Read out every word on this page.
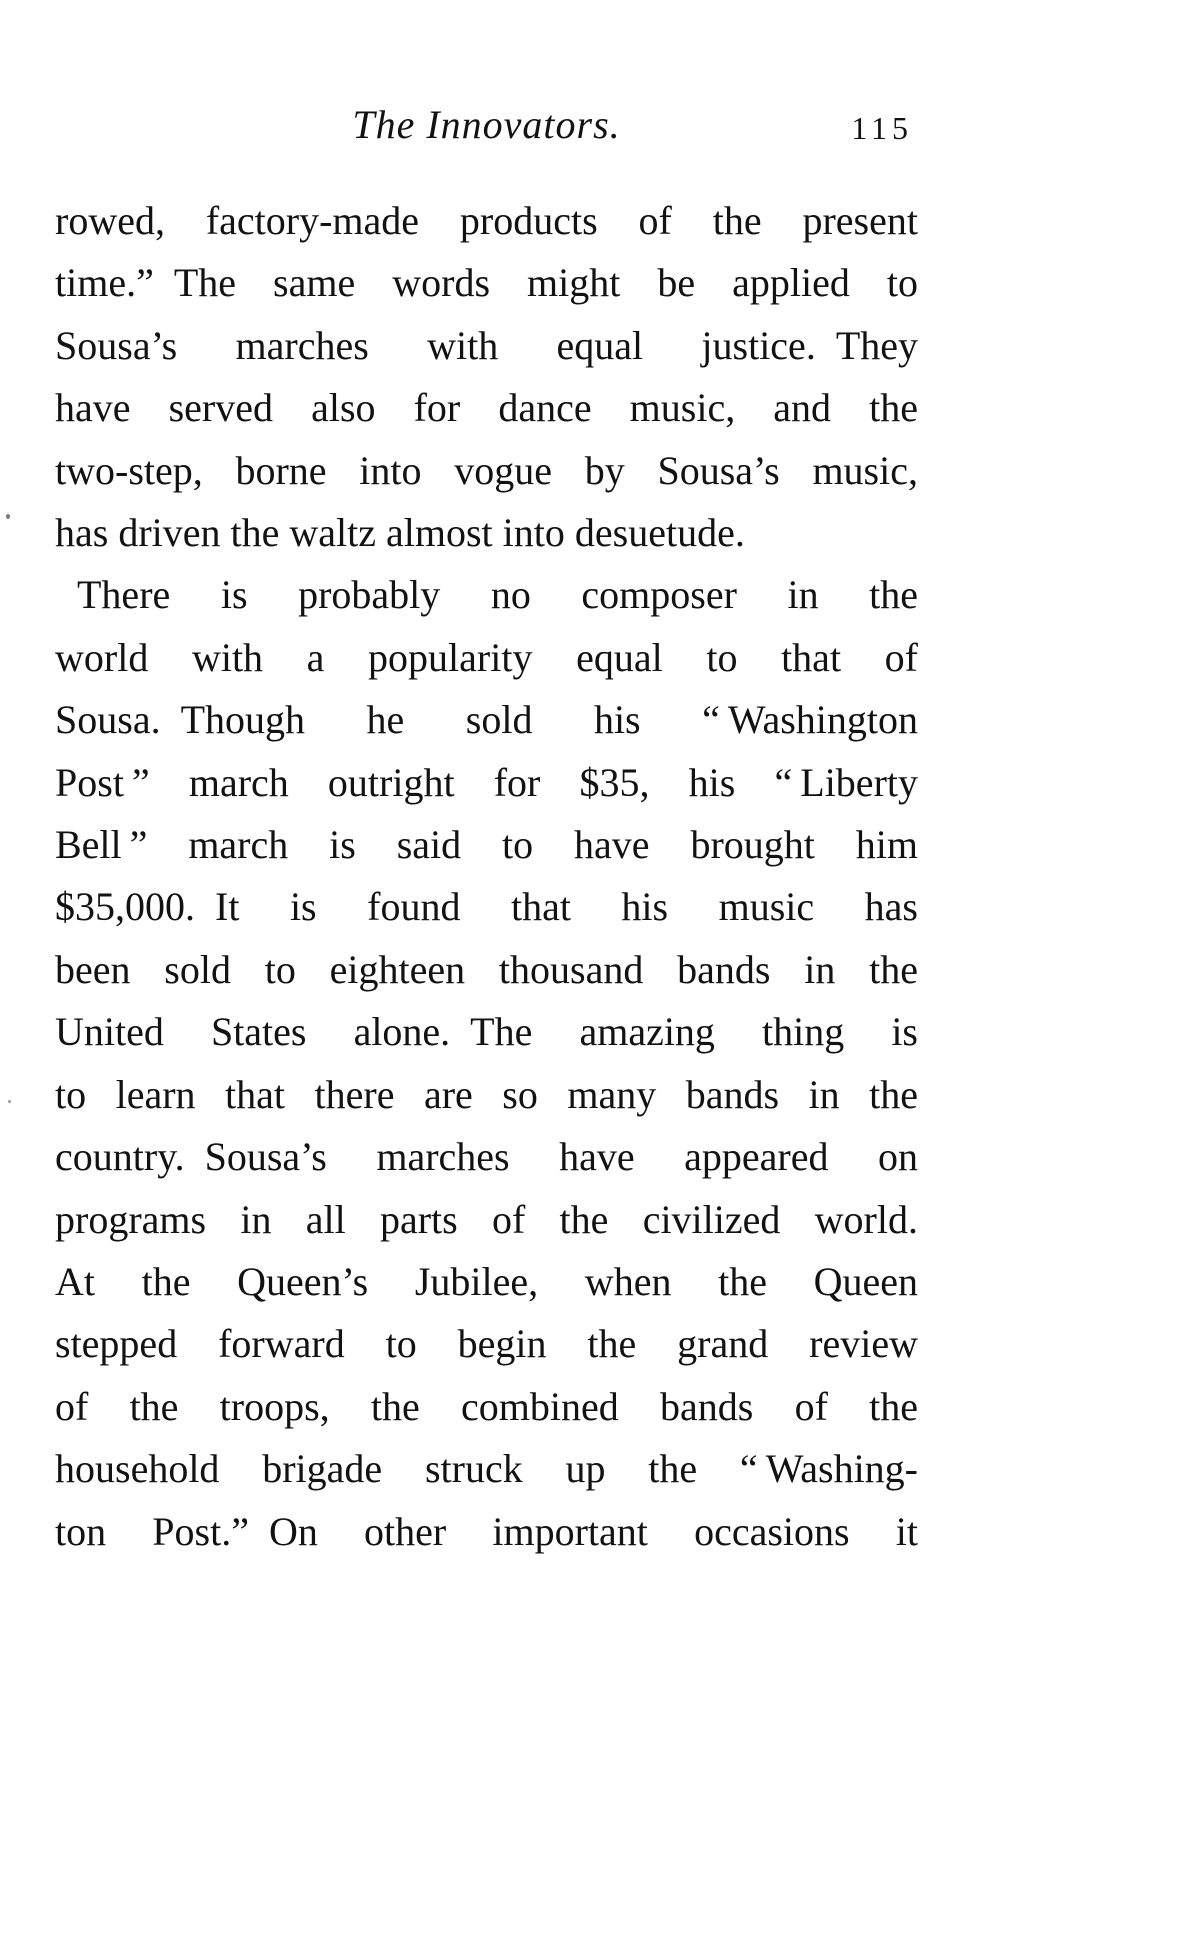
The Innovators.	115
rowed, factory-made products of the present
time.” The same words might be applied to
Sousa’s marches with equal justice. They
have served also for dance music, and the
two-step, borne into vogue by Sousa’s music,
has driven the waltz almost into desuetude.
There is probably no composer in the
world with a popularity equal to that of
Sousa. Though he sold his “ Washington
Post ” march outright for $35, his “ Liberty
Bell ” march is said to have brought him
$35,000. It is found that his music has
been sold to eighteen thousand bands in the
United States alone. The amazing thing is
to learn that there are so many bands in the
country. Sousa’s marches have appeared on
programs in all parts of the civilized world.
At the Queen’s Jubilee, when the Queen
stepped forward to begin the grand review
of the troops, the combined bands of the
household brigade struck up the “ Washing-
ton Post.” On other important occasions it
